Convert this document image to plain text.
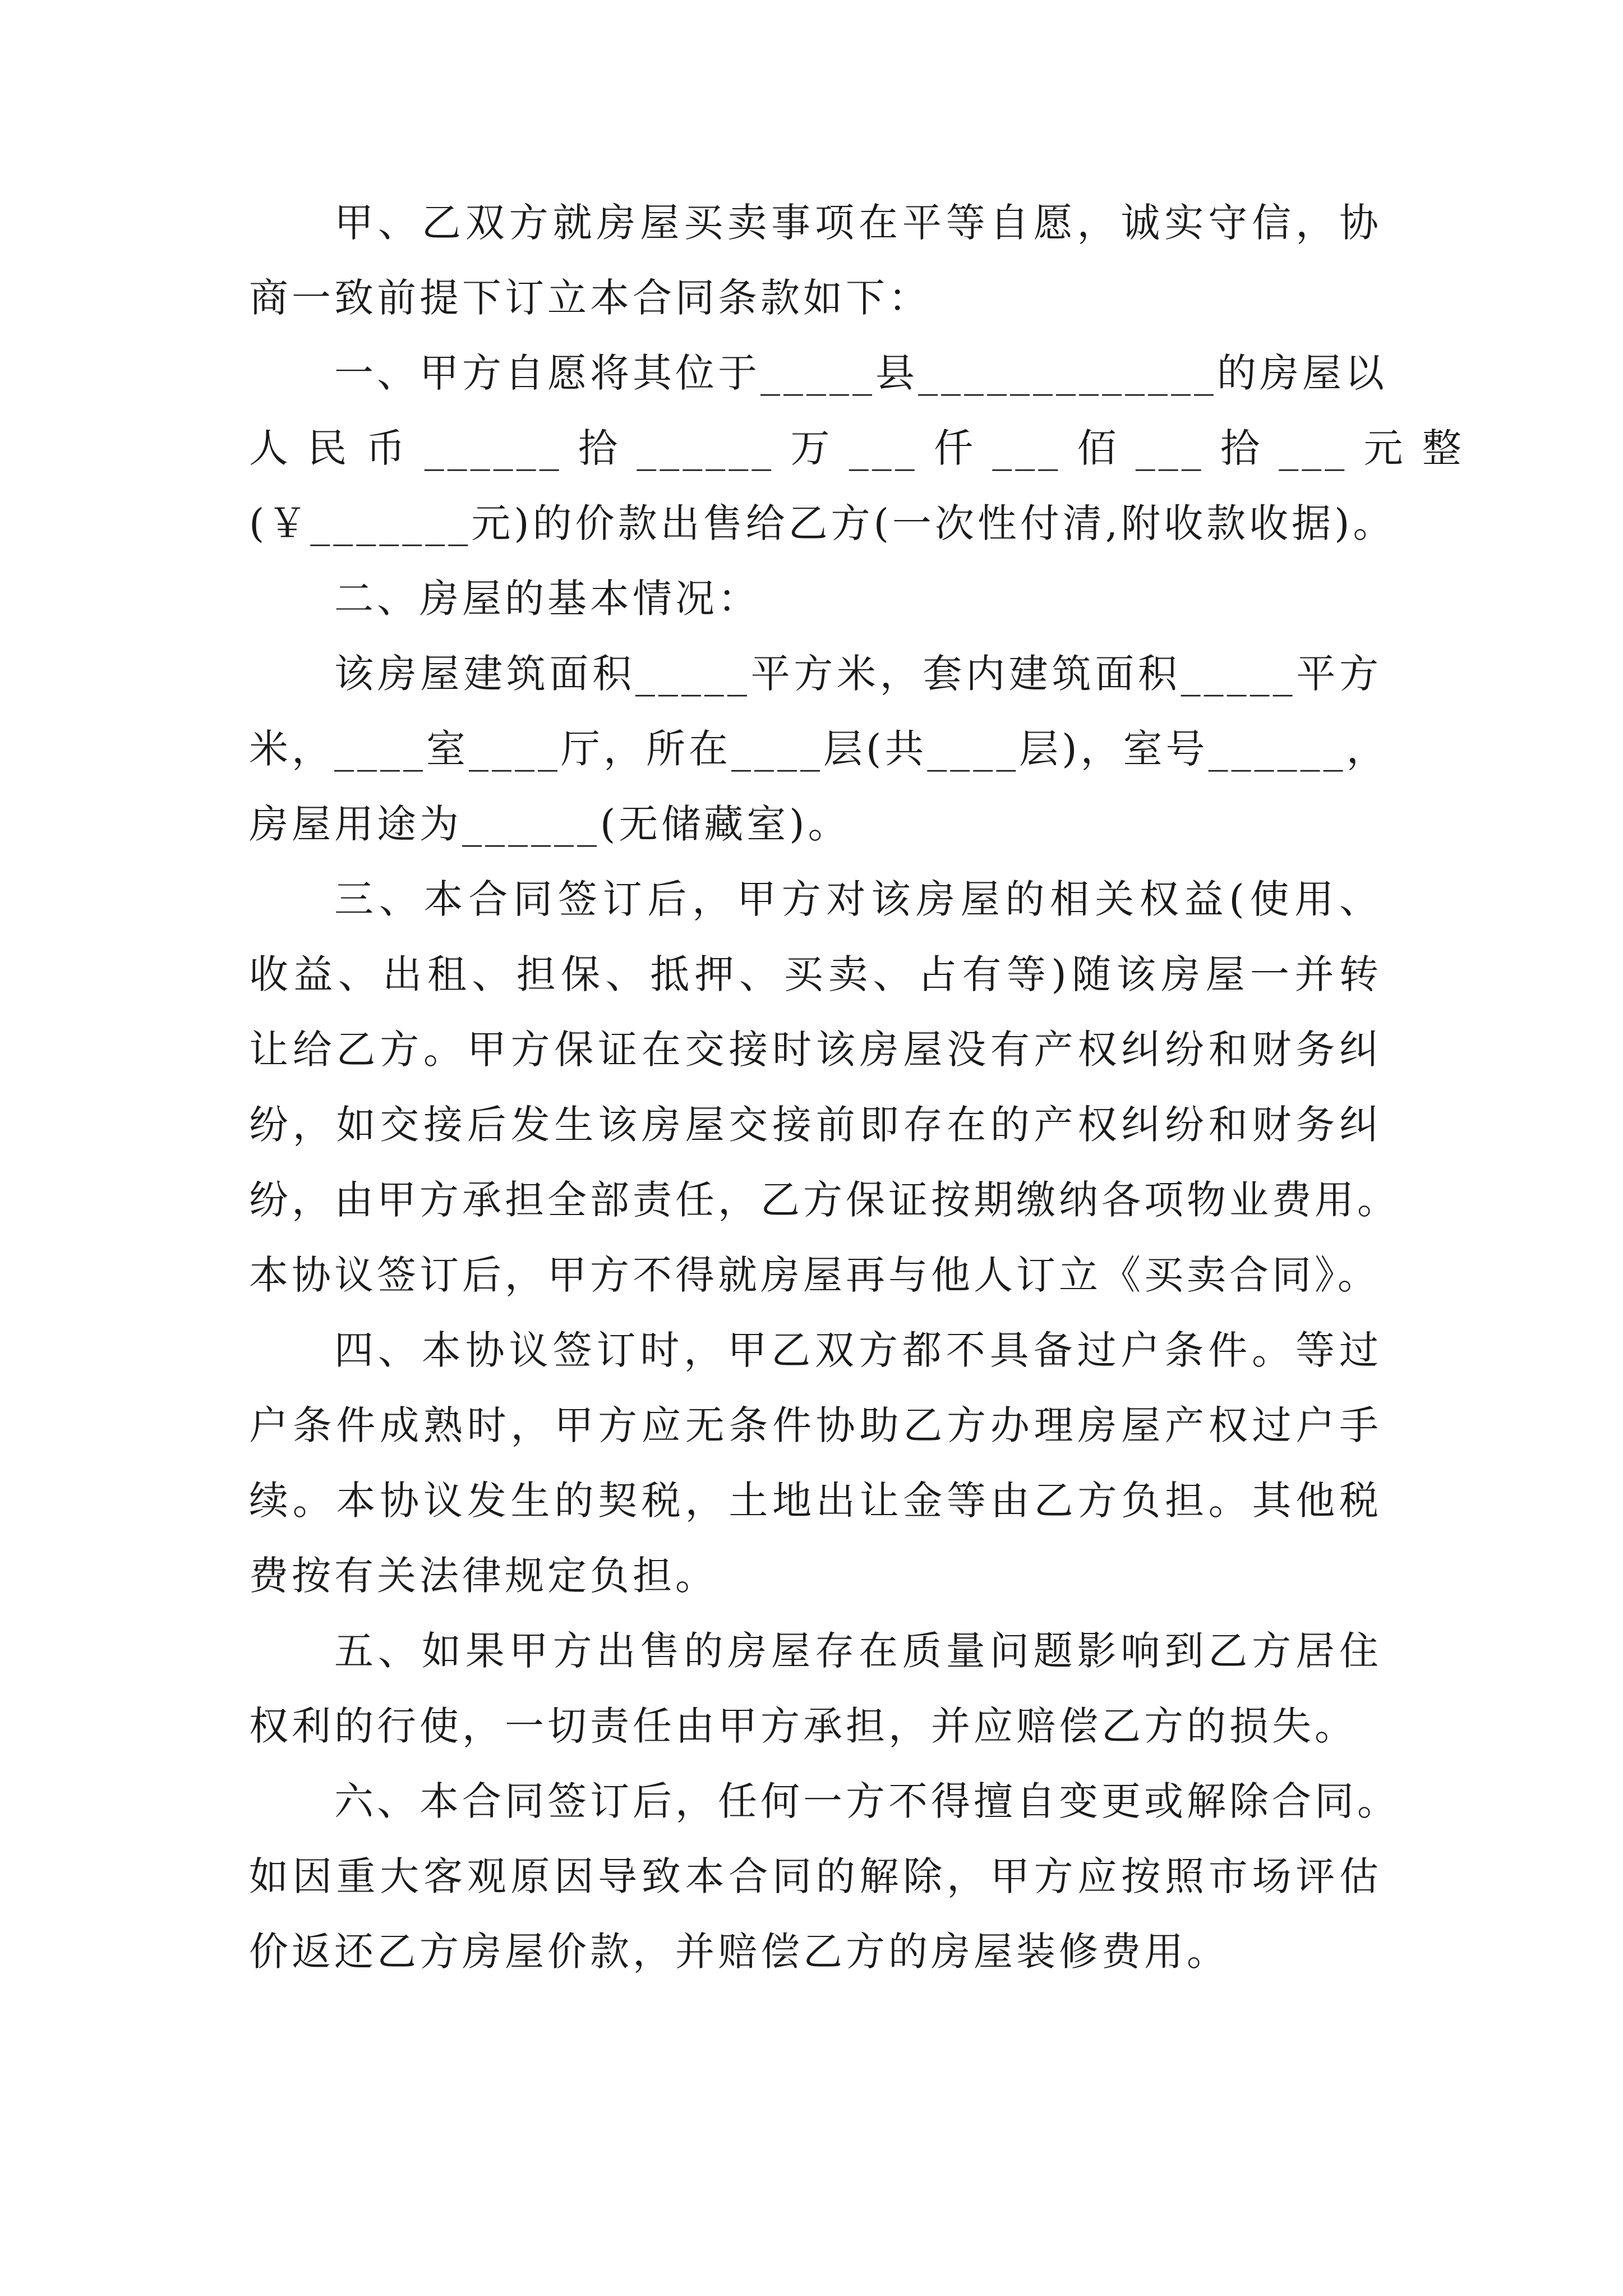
甲、乙双方就房屋买卖事项在平等自愿，诚实守信，协
商一致前提下订立本合同条款如下：
一、甲方自愿将其位于_____县_____________的房屋以
人 民 币 ______ 拾 ______ 万 ___ 仟 ___ 佰 ___ 拾 ___ 元 整
(￥_______元)的价款出售给乙方(一次性付清,附收款收据)。
二、房屋的基本情况：
该房屋建筑面积_____平方米，套内建筑面积_____平方
米，____室____厅，所在____层(共____层)，室号______，
房屋用途为______(无储藏室)。
三、本合同签订后，甲方对该房屋的相关权益(使用、
收益、出租、担保、抵押、买卖、占有等)随该房屋一并转
让给乙方。甲方保证在交接时该房屋没有产权纠纷和财务纠
纷，如交接后发生该房屋交接前即存在的产权纠纷和财务纠
纷，由甲方承担全部责任，乙方保证按期缴纳各项物业费用。
本协议签订后，甲方不得就房屋再与他人订立《买卖合同》。
四、本协议签订时，甲乙双方都不具备过户条件。等过
户条件成熟时，甲方应无条件协助乙方办理房屋产权过户手
续。本协议发生的契税，土地出让金等由乙方负担。其他税
费按有关法律规定负担。
五、如果甲方出售的房屋存在质量问题影响到乙方居住
权利的行使，一切责任由甲方承担，并应赔偿乙方的损失。
六、本合同签订后，任何一方不得擅自变更或解除合同。
如因重大客观原因导致本合同的解除，甲方应按照市场评估
价返还乙方房屋价款，并赔偿乙方的房屋装修费用。
